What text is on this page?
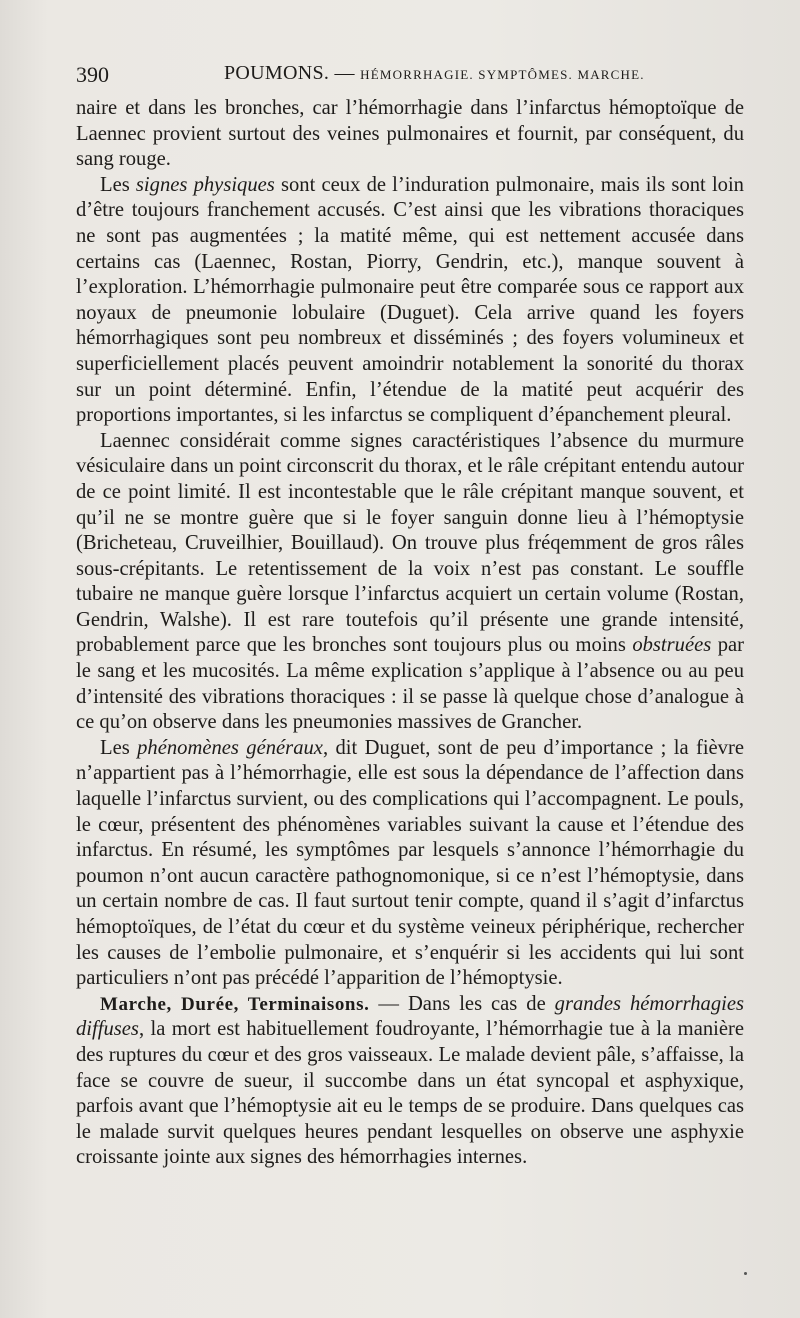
390	POUMONS. — HÉMORRHAGIE. SYMPTÔMES. MARCHE.

naire et dans les bronches, car l’hémorrhagie dans l’infarctus hémoptoïque de Laennec provient surtout des veines pulmonaires et fournit, par conséquent, du sang rouge.

Les signes physiques sont ceux de l’induration pulmonaire, mais ils sont loin d’être toujours franchement accusés. C’est ainsi que les vibrations thoraciques ne sont pas augmentées ; la matité même, qui est nettement accusée dans certains cas (Laennec, Rostan, Piorry, Gendrin, etc.), manque souvent à l’exploration. L’hémorrhagie pulmonaire peut être comparée sous ce rapport aux noyaux de pneumonie lobulaire (Duguet). Cela arrive quand les foyers hémorrhagiques sont peu nombreux et disséminés ; des foyers volumineux et superficiellement placés peuvent amoindrir notablement la sonorité du thorax sur un point déterminé. Enfin, l’étendue de la matité peut acquérir des proportions importantes, si les infarctus se compliquent d’épanchement pleural.

Laennec considérait comme signes caractéristiques l’absence du murmure vésiculaire dans un point circonscrit du thorax, et le râle crépitant entendu autour de ce point limité. Il est incontestable que le râle crépitant manque souvent, et qu’il ne se montre guère que si le foyer sanguin donne lieu à l’hémoptysie (Bricheteau, Cruveilhier, Bouillaud). On trouve plus fréqemment de gros râles sous-crépitants. Le retentissement de la voix n’est pas constant. Le souffle tubaire ne manque guère lorsque l’infarctus acquiert un certain volume (Rostan, Gendrin, Walshe). Il est rare toutefois qu’il présente une grande intensité, probablement parce que les bronches sont toujours plus ou moins obstruées par le sang et les mucosités. La même explication s’applique à l’absence ou au peu d’intensité des vibrations thoraciques : il se passe là quelque chose d’analogue à ce qu’on observe dans les pneumonies massives de Grancher.

Les phénomènes généraux, dit Duguet, sont de peu d’importance ; la fièvre n’appartient pas à l’hémorrhagie, elle est sous la dépendance de l’affection dans laquelle l’infarctus survient, ou des complications qui l’accompagnent. Le pouls, le cœur, présentent des phénomènes variables suivant la cause et l’étendue des infarctus. En résumé, les symptômes par lesquels s’annonce l’hémorrhagie du poumon n’ont aucun caractère pathognomonique, si ce n’est l’hémoptysie, dans un certain nombre de cas. Il faut surtout tenir compte, quand il s’agit d’infarctus hémoptoïques, de l’état du cœur et du système veineux périphérique, rechercher les causes de l’embolie pulmonaire, et s’enquérir si les accidents qui lui sont particuliers n’ont pas précédé l’apparition de l’hémoptysie.

Marche, Durée, Terminaisons. — Dans les cas de grandes hémorrhagies diffuses, la mort est habituellement foudroyante, l’hémorrhagie tue à la manière des ruptures du cœur et des gros vaisseaux. Le malade devient pâle, s’affaisse, la face se couvre de sueur, il succombe dans un état syncopal et asphyxique, parfois avant que l’hémoptysie ait eu le temps de se produire. Dans quelques cas le malade survit quelques heures pendant lesquelles on observe une asphyxie croissante jointe aux signes des hémorrhagies internes.
